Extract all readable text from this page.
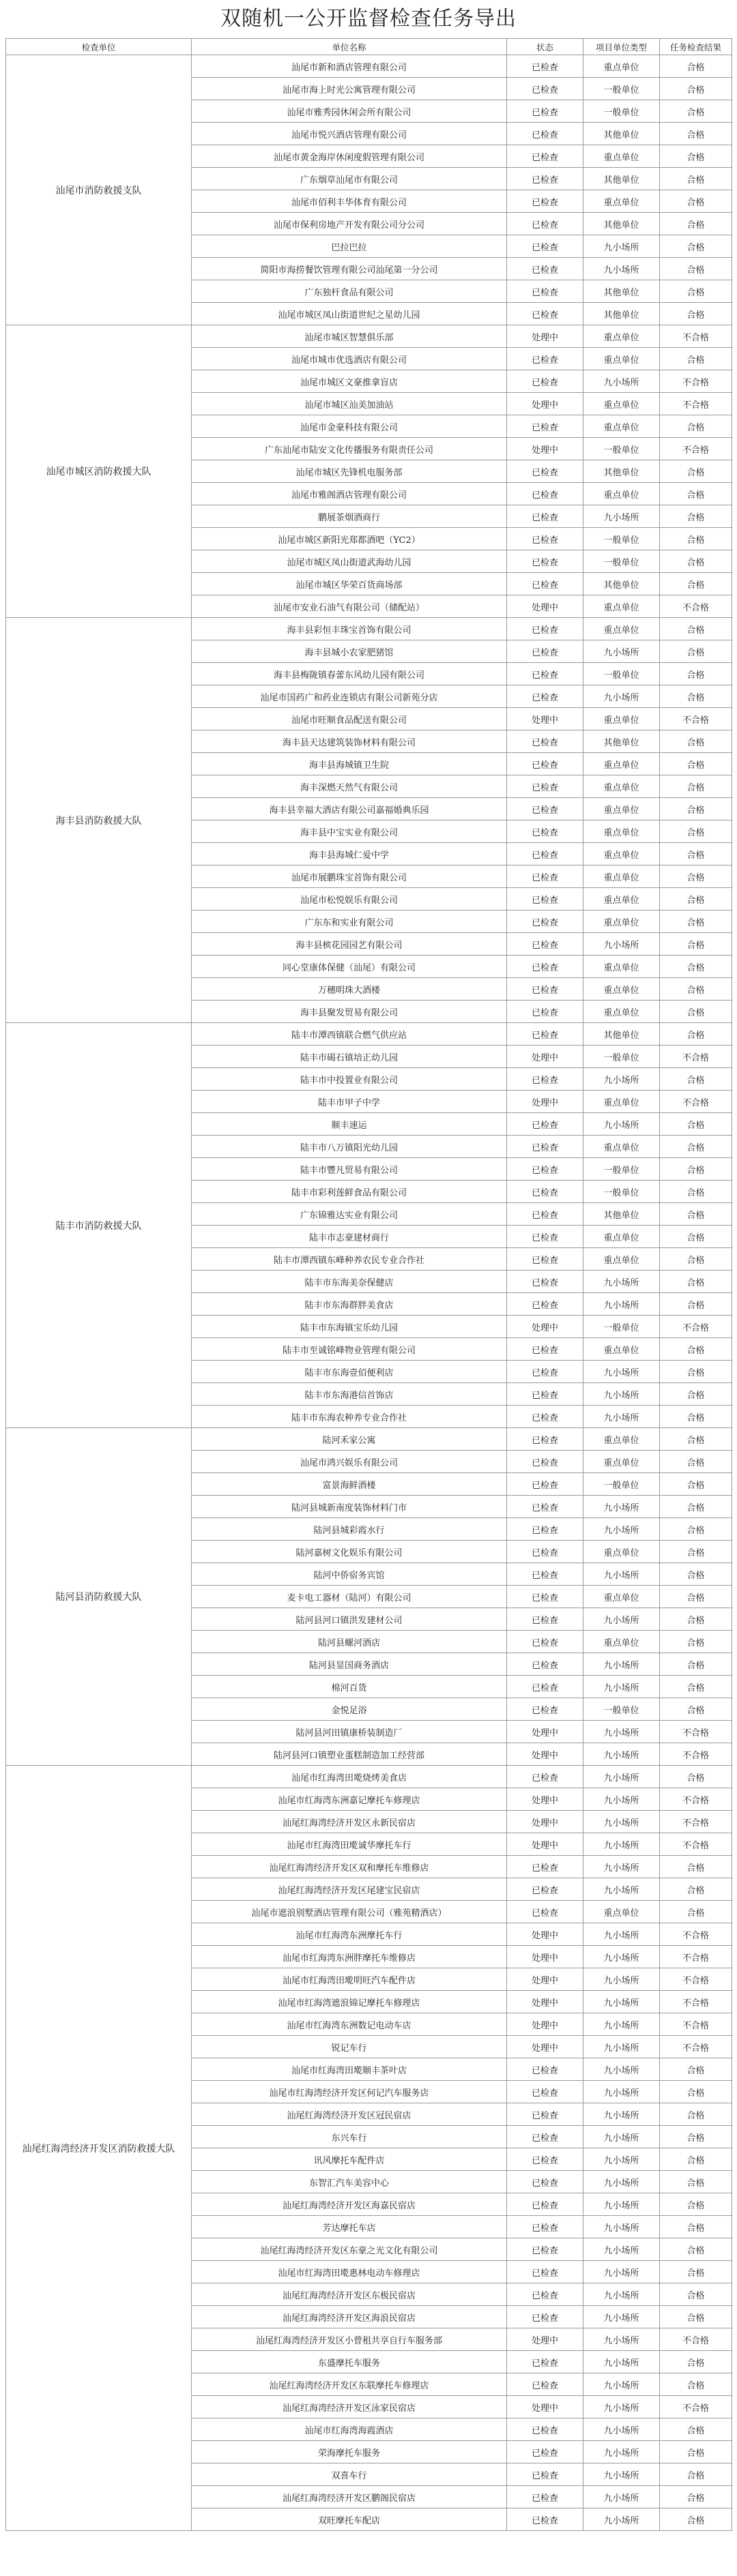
双随机一公开监督检查任务导出
检查单位	单位名称	状态	项目单位类型	任务检查结果
汕尾市消防救援支队	汕尾市新和酒店管理有限公司	已检查	重点单位	合格
	汕尾市海上时光公寓管理有限公司	已检查	一般单位	合格
	汕尾市雅秀园休闲会所有限公司	已检查	一般单位	合格
	汕尾市悦兴酒店管理有限公司	已检查	其他单位	合格
	汕尾市黄金海岸休闲度假管理有限公司	已检查	重点单位	合格
	广东烟草汕尾市有限公司	已检查	其他单位	合格
	汕尾市佰利丰华体育有限公司	已检查	重点单位	合格
	汕尾市保利房地产开发有限公司分公司	已检查	其他单位	合格
	巴拉巴拉	已检查	九小场所	合格
	简阳市海捞餐饮管理有限公司汕尾第一分公司	已检查	九小场所	合格
	广东独杆食品有限公司	已检查	其他单位	合格
	汕尾市城区凤山街道世纪之星幼儿园	已检查	其他单位	合格
汕尾市城区消防救援大队	汕尾市城区智慧俱乐部	处理中	重点单位	不合格
	汕尾市城市优选酒店有限公司	已检查	重点单位	合格
	汕尾市城区文豪推拿盲店	已检查	九小场所	不合格
	汕尾市城区汕美加油站	处理中	重点单位	不合格
	汕尾市金豪科技有限公司	已检查	重点单位	合格
	广东汕尾市陆安文化传播服务有限责任公司	处理中	一般单位	不合格
	汕尾市城区先锋机电服务部	已检查	其他单位	合格
	汕尾市雅阁酒店管理有限公司	已检查	重点单位	合格
	鹏展茶烟酒商行	已检查	九小场所	合格
	汕尾市城区新阳光郑都酒吧（YC2）	已检查	一般单位	合格
	汕尾市城区凤山街道武海幼儿园	已检查	一般单位	合格
	汕尾市城区华荣百货商场部	已检查	其他单位	合格
	汕尾市安业石油气有限公司（储配站）	处理中	重点单位	不合格
海丰县消防救援大队	海丰县彩恒丰珠宝首饰有限公司	已检查	重点单位	合格
	海丰县城小农家肥猪馆	已检查	九小场所	合格
	海丰县梅陇镇春蕾东风幼儿园有限公司	已检查	一般单位	合格
	汕尾市国药广和药业连锁店有限公司新苑分店	已检查	九小场所	合格
	汕尾市旺顺食品配送有限公司	处理中	重点单位	不合格
	海丰县天达建筑装饰材料有限公司	已检查	其他单位	合格
	海丰县海城镇卫生院	已检查	重点单位	合格
	海丰深燃天然气有限公司	已检查	重点单位	合格
	海丰县幸福大酒店有限公司嘉福婚典乐园	已检查	重点单位	合格
	海丰县中宝实业有限公司	已检查	重点单位	合格
	海丰县海城仁爱中学	已检查	重点单位	合格
	汕尾市展鹏珠宝首饰有限公司	已检查	重点单位	合格
	汕尾市松悦娱乐有限公司	已检查	重点单位	合格
	广东东和实业有限公司	已检查	重点单位	合格
	海丰县槟花园园艺有限公司	已检查	九小场所	合格
	同心堂康体保健（汕尾）有限公司	已检查	重点单位	合格
	万穗明珠大酒楼	已检查	重点单位	合格
	海丰县聚发贸易有限公司	已检查	重点单位	合格
陆丰市消防救援大队	陆丰市潭西镇联合燃气供应站	已检查	其他单位	合格
	陆丰市碣石镇培正幼儿园	处理中	一般单位	不合格
	陆丰市中投置业有限公司	已检查	九小场所	合格
	陆丰市甲子中学	处理中	重点单位	不合格
	顺丰速运	已检查	九小场所	合格
	陆丰市八万镇阳光幼儿园	已检查	重点单位	合格
	陆丰市豐凡贸易有限公司	已检查	一般单位	合格
	陆丰市彩利莲鲜食品有限公司	已检查	一般单位	合格
	广东锦雅达实业有限公司	已检查	其他单位	合格
	陆丰市志豪建材商行	已检查	重点单位	合格
	陆丰市潭西镇东峰种养农民专业合作社	已检查	重点单位	合格
	陆丰市东海美奈保健店	已检查	九小场所	合格
	陆丰市东海群胖美食店	已检查	九小场所	合格
	陆丰市东海镇宝乐幼儿园	处理中	一般单位	不合格
	陆丰市至诚铭峰物业管理有限公司	已检查	重点单位	合格
	陆丰市东海壹佰便利店	已检查	九小场所	合格
	陆丰市东海港信首饰店	已检查	九小场所	合格
	陆丰市东海农种养专业合作社	已检查	九小场所	合格
陆河县消防救援大队	陆河禾家公寓	已检查	重点单位	合格
	汕尾市鸿兴娱乐有限公司	已检查	重点单位	合格
	富景海鲜酒楼	已检查	一般单位	合格
	陆河县城新南度装饰材料门市	已检查	九小场所	合格
	陆河县城彩霞水行	已检查	九小场所	合格
	陆河嘉树文化娱乐有限公司	已检查	重点单位	合格
	陆河中侨宿务宾馆	已检查	九小场所	合格
	麦卡电工器材（陆河）有限公司	已检查	重点单位	合格
	陆河县河口镇洪发建材公司	已检查	九小场所	合格
	陆河县螺河酒店	已检查	重点单位	合格
	陆河县显国商务酒店	已检查	九小场所	合格
	棉河百货	已检查	九小场所	合格
	金悦足浴	已检查	一般单位	合格
	陆河县河田镇康桥装制造厂	处理中	九小场所	不合格
	陆河县河口镇塑业蛋糕制造加工经营部	处理中	九小场所	不合格
汕尾红海湾经济开发区消防救援大队	汕尾市红海湾田墘烧烤美食店	已检查	九小场所	合格
	汕尾市红海湾东洲嘉记摩托车修理店	处理中	九小场所	不合格
	汕尾红海湾经济开发区永新民宿店	处理中	九小场所	不合格
	汕尾市红海湾田墘诚华摩托车行	处理中	九小场所	不合格
	汕尾红海湾经济开发区双和摩托车维修店	已检查	九小场所	合格
	汕尾红海湾经济开发区尾建宝民宿店	已检查	九小场所	合格
	汕尾市遮浪别墅酒店管理有限公司（雅苑精酒店）	已检查	重点单位	合格
	汕尾市红海湾东洲摩托车行	处理中	九小场所	不合格
	汕尾市红海湾东洲胖摩托车维修店	处理中	九小场所	不合格
	汕尾市红海湾田墘明旺汽车配件店	处理中	九小场所	不合格
	汕尾市红海湾遮浪锦记摩托车修理店	处理中	九小场所	不合格
	汕尾市红海湾东洲数记电动车店	处理中	九小场所	不合格
	锐记车行	处理中	九小场所	不合格
	汕尾市红海湾田墘顺丰茶叶店	已检查	九小场所	合格
	汕尾市红海湾经济开发区何记汽车服务店	已检查	九小场所	合格
	汕尾红海湾经济开发区冠民宿店	已检查	九小场所	合格
	东兴车行	已检查	九小场所	合格
	讯风摩托车配件店	已检查	九小场所	合格
	东智汇汽车美容中心	已检查	九小场所	合格
	汕尾红海湾经济开发区海嘉民宿店	已检查	九小场所	合格
	芳达摩托车店	已检查	九小场所	合格
	汕尾红海湾经济开发区东豪之光文化有限公司	已检查	九小场所	合格
	汕尾市红海湾田墘惠林电动车修理店	已检查	九小场所	合格
	汕尾红海湾经济开发区东极民宿店	已检查	九小场所	合格
	汕尾红海湾经济开发区海浪民宿店	已检查	九小场所	合格
	汕尾红海湾经济开发区小曾租共享自行车服务部	处理中	九小场所	不合格
	东盛摩托车服务	已检查	九小场所	合格
	汕尾红海湾经济开发区东联摩托车修理店	已检查	九小场所	合格
	汕尾红海湾经济开发区泳家民宿店	处理中	九小场所	不合格
	汕尾市红海湾海霞酒店	已检查	九小场所	合格
	荣海摩托车服务	已检查	九小场所	合格
	双喜车行	已检查	九小场所	合格
	汕尾红海湾经济开发区鹏阁民宿店	已检查	九小场所	合格
	双旺摩托车配店	已检查	九小场所	合格
